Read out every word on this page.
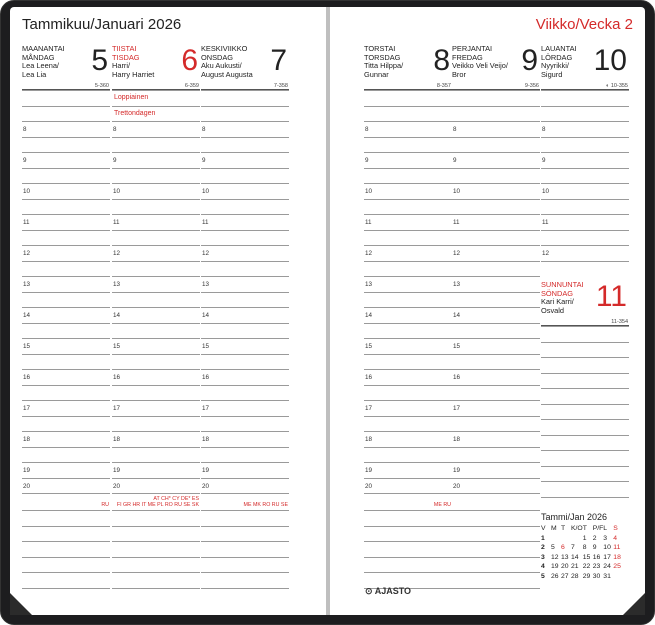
Tammikuu/Januari 2026	Viikko/Vecka 2
MAANANTAI
MÅNDAG
Lea Leena/
Lea Lia	5
5-360
8
9
10
11
12
13
14
15
16
17
18
19
20
RU
TIISTAI
TISDAG
Harri/
Harry Harriet 6
6-359
Loppiainen
Trettondagen
8
9
10
11
12
13
14
15
16
17
18
19
20
AT CH* CY DE* ES
FI GR HR IT ME PL RO RU SE SK
KESKIVIIKKO
ONSDAG
Aku Aukusti/
August Augusta 7
7-358
8
9
10
11
12
13
14
15
16
17
18
19
20
ME MK RO RU SE
TORSTAI
TORSDAG
Titta Hilppa/
Gunnar	8
8-357
8
9
10
11
12
13
14
15
16
17
18
19
20
ME RU
PERJANTAI
FREDAG
Veikko Veli Veijo/
Bror	9
9-356
8
9
10
11
12
13
14
15
16
17
18
19
20
LAUANTAI
LÖRDAG
Nyyrikki/
Sigurd	10
◐ 10-355
8
9
10
11
12
SUNNUNTAI
SÖNDAG
Kari Karri/
Osvald	11
11-354
⊙ AJASTO
Tammi/Jan 2026
V	M	T	K/O	T	P/F	L	S
1				1	2	3	4
2	5	6	7	8	9	10	11
3	12	13	14	15	16	17	18
4	19	20	21	22	23	24	25
5	26	27	28	29	30	31	
